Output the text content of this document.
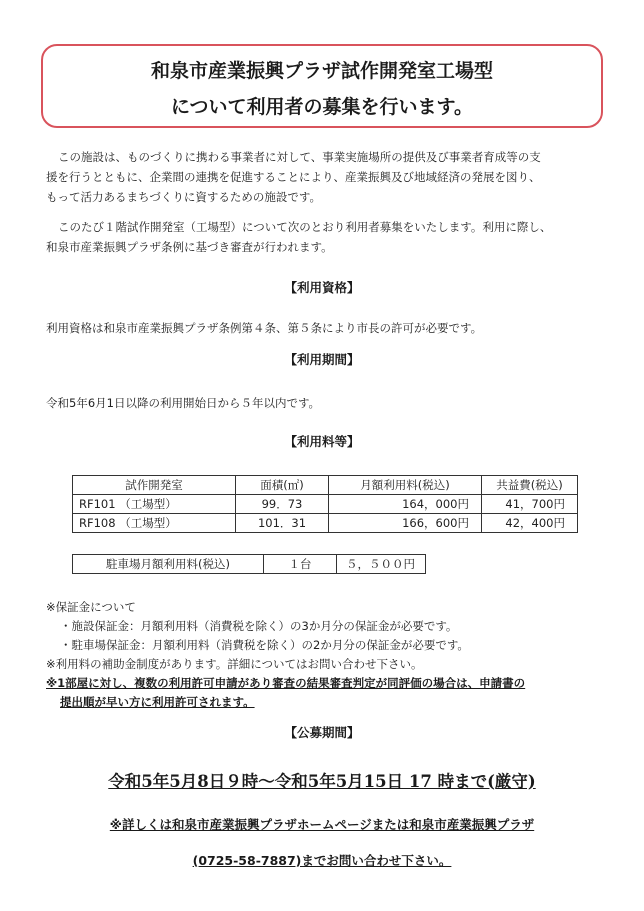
和泉市産業振興プラザ試作開発室工場型
について利用者の募集を行います。
この施設は、ものづくりに携わる事業者に対して、事業実施場所の提供及び事業者育成等の支
援を行うとともに、企業間の連携を促進することにより、産業振興及び地域経済の発展を図り、
もって活力あるまちづくりに資するための施設です。
このたび１階試作開発室（工場型）について次のとおり利用者募集をいたします。利用に際し、
和泉市産業振興プラザ条例に基づき審査が行われます。
【利用資格】
利用資格は和泉市産業振興プラザ条例第４条、第５条により市長の許可が必要です。
【利用期間】
令和5年6月1日以降の利用開始日から５年以内です。
【利用料等】
試作開発室	面積(㎡)	月額利用料(税込)	共益費(税込)
RF101 （工場型）	99．73	164，000円	41，700円
RF108 （工場型）	101．31	166，600円	42，400円
駐車場月額利用料(税込)	１台	５，５００円
※保証金について
・施設保証金：月額利用料（消費税を除く）の3か月分の保証金が必要です。
・駐車場保証金：月額利用料（消費税を除く）の2か月分の保証金が必要です。
※利用料の補助金制度があります。詳細についてはお問い合わせ下さい。
※1部屋に対し、複数の利用許可申請があり審査の結果審査判定が同評価の場合は、申請書の
提出順が早い方に利用許可されます。
【公募期間】
令和5年5月8日９時～令和5年5月15日 17 時まで(厳守)
※詳しくは和泉市産業振興プラザホームページまたは和泉市産業振興プラザ
(0725-58-7887)までお問い合わせ下さい。
